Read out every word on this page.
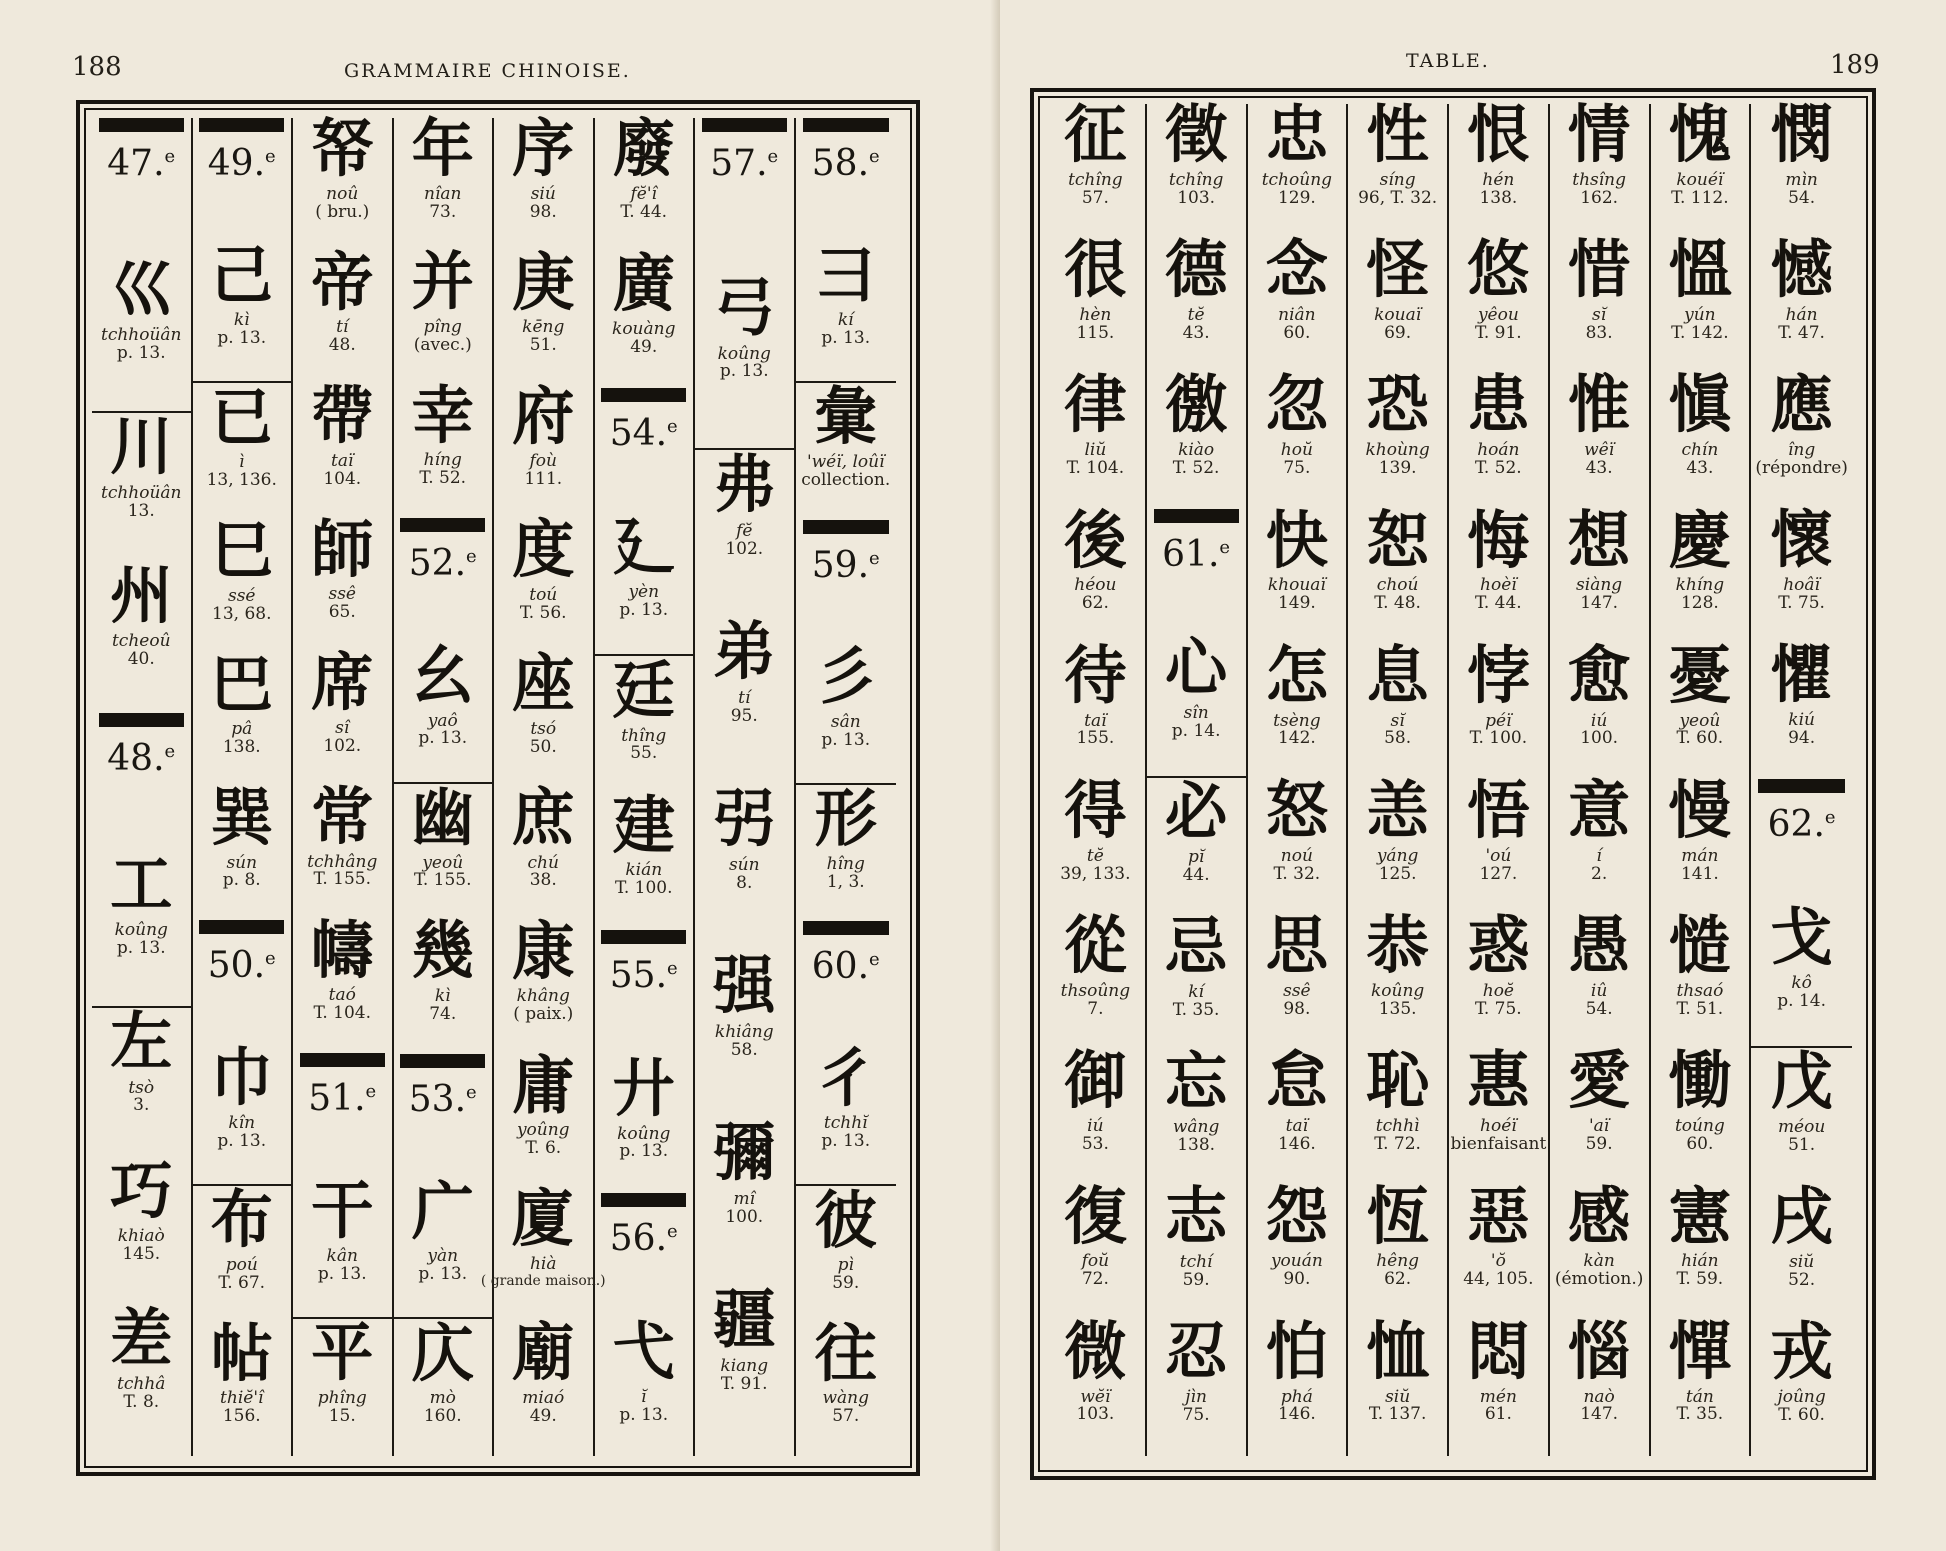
188	GRAMMAIRE CHINOISE.
47.$^e$
巛
tchhoüân
p. 13.
川
tchhoüân
13.
州
tcheoû
40.
48.$^e$
工
koûng
p. 13.
左
tsò
3.
巧
khiaò
145.
差
tchhâ
T. 8.
49.$^e$
己
kì
p. 13.
已
ì
13, 136.
巳
ssé
13, 68.
巴
pâ
138.
巽
sún
p. 8.
50.$^e$
巾
kîn
p. 13.
布
poú
T. 67.
帖
thiĕ'î
156.
帑
noû
( bru.)
帝
tí
48.
帶
taï
104.
師
ssê
65.
席
sî
102.
常
tchhâng
T. 155.
幬
taó
T. 104.
51.$^e$
干
kân
p. 13.
平
phîng
15.
年
nîan
73.
并
pîng
(avec.)
幸
híng
T. 52.
52.$^e$
幺
yaô
p. 13.
幽
yeoû
T. 155.
幾
kì
74.
53.$^e$
广
yàn
p. 13.
庂
mò
160.
序
siú
98.
庚
kēng
51.
府
foù
111.
度
toú
T. 56.
座
tsó
50.
庶
chú
38.
康
khâng
( paix.)
庸
yoûng
T. 6.
廈
hià
( grande maison.)
廟
miaó
49.
廢
fĕ'î
T. 44.
廣
kouàng
49.
54.$^e$
廴
yèn
p. 13.
廷
thîng
55.
建
kián
T. 100.
55.$^e$
廾
koûng
p. 13.
56.$^e$
弋
ĭ
p. 13.
57.$^e$
弓
koûng
p. 13.
弗
fĕ
102.
弟
tí
95.
弜
sún
8.
强
khiâng
58.
彌
mî
100.
疆
kiang
T. 91.
58.$^e$
彐
kí
p. 13.
彙
'wéï, loûï
collection.
59.$^e$
彡
sân
p. 13.
形
hîng
1, 3.
60.$^e$
彳
tchhĭ
p. 13.
彼
pì
59.
往
wàng
57.
TABLE.	189
征
tchîng
57.
很
hèn
115.
律
liŭ
T. 104.
後
héou
62.
待
taï
155.
得
tĕ
39, 133.
從
thsoûng
7.
御
iú
53.
復
foŭ
72.
微
wĕï
103.
徵
tchîng
103.
德
tĕ
43.
徼
kiào
T. 52.
61.$^e$
心
sîn
p. 14.
必
pĭ
44.
忌
kí
T. 35.
忘
wâng
138.
志
tchí
59.
忍
jìn
75.
忠
tchoûng
129.
念
niân
60.
忽
hoŭ
75.
快
khouaï
149.
怎
tsèng
142.
怒
noú
T. 32.
思
ssê
98.
怠
taï
146.
怨
youán
90.
怕
phá
146.
性
síng
96, T. 32.
怪
kouaï
69.
恐
khoùng
139.
恕
choú
T. 48.
息
sĭ
58.
恙
yáng
125.
恭
koûng
135.
恥
tchhì
T. 72.
恆
hêng
62.
恤
siŭ
T. 137.
恨
hén
138.
悠
yêou
T. 91.
患
hoán
T. 52.
悔
hoèï
T. 44.
悖
péï
T. 100.
悟
'oú
127.
惑
hoĕ
T. 75.
惠
hoéï
bienfaisant
惡
'ŏ
44, 105.
悶
mén
61.
情
thsîng
162.
惜
sĭ
83.
惟
wêï
43.
想
siàng
147.
愈
iú
100.
意
í
2.
愚
iû
54.
愛
'aï
59.
感
kàn
(émotion.)
惱
naò
147.
愧
kouéï
T. 112.
慍
yún
T. 142.
愼
chín
43.
慶
khíng
128.
憂
yeoû
T. 60.
慢
mán
141.
慥
thsaó
T. 51.
慟
toúng
60.
憲
hián
T. 59.
憚
tán
T. 35.
憫
mìn
54.
憾
hán
T. 47.
應
îng
(répondre)
懷
hoâï
T. 75.
懼
kiú
94.
62.$^e$
戈
kô
p. 14.
戊
méou
51.
戌
siŭ
52.
戎
joûng
T. 60.
